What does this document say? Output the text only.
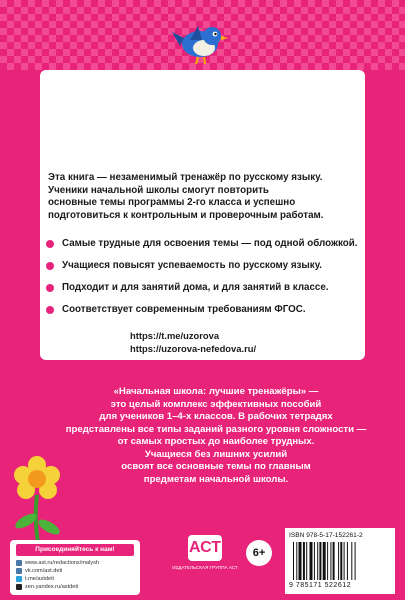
Ольга Васильевна Узорова — педагог-практик,
автор более 6 000 учебных, методических и развивающих пособий
для дошкольников и учеников младших классов.
По результатам 2022 года О. В. Узорова признана одним
из наиболее востребованных в России авторов учебных пособий.
Эта книга — незаменимый тренажёр по русскому языку.
Ученики начальной школы смогут повторить
основные темы программы 2-го класса и успешно
подготовиться к контрольным и проверочным работам.
Самые трудные для освоения темы — под одной обложкой.
Учащиеся повысят успеваемость по русскому языку.
Подходит и для занятий дома, и для занятий в классе.
Соответствует современным требованиям ФГОС.
https://t.me/uzorova
https://uzorova-nefedova.ru/
«Начальная школа: лучшие тренажёры» —
это целый комплекс эффективных пособий
для учеников 1–4-х классов. В рабочих тетрадях
представлены все типы заданий разного уровня сложности —
от самых простых до наиболее трудных.
Учащиеся без лишних усилий
освоят все основные темы по главным
предметам начальной школы.
Присоединяйтесь к нам!
www.ast.ru/redactions/malysh
vk.com/ast.deti
t.me/astdeti
zen.yandex.ru/astdeti
АСТ
ИЗДАТЕЛЬСКАЯ ГРУППА АСТ
6+
ISBN 978-5-17-152261-2
9 785171 522612
